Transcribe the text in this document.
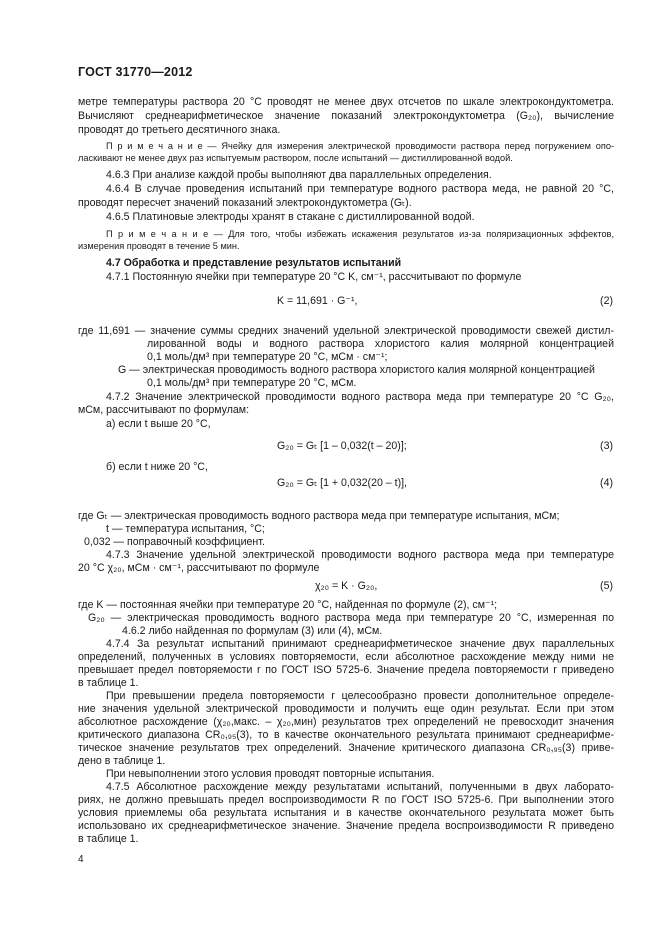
ГОСТ 31770—2012
метре температуры раствора 20 °С проводят не менее двух отсчетов по шкале электрокондуктометра.
Вычисляют среднеарифметическое значение показаний электрокондуктометра (G₂₀), вычисление
проводят до третьего десятичного знака.
П р и м е ч а н и е — Ячейку для измерения электрической проводимости раствора перед погружением опо-
ласкивают не менее двух раз испытуемым раствором, после испытаний — дистиллированной водой.
4.6.3 При анализе каждой пробы выполняют два параллельных определения.
4.6.4 В случае проведения испытаний при температуре водного раствора меда, не равной 20 °С,
проводят пересчет значений показаний электрокондуктометра (Gₜ).
4.6.5 Платиновые электроды хранят в стакане с дистиллированной водой.
П р и м е ч а н и е — Для того, чтобы избежать искажения результатов из-за поляризационных эффектов,
измерения проводят в течение 5 мин.
4.7 Обработка и представление результатов испытаний
4.7.1 Постоянную ячейки при температуре 20 °С K, см⁻¹, рассчитывают по формуле
K = 11,691 · G⁻¹,	(2)
где 11,691 — значение суммы средних значений удельной электрической проводимости свежей дистил-
лированной воды и водного раствора хлористого калия молярной концентрацией
0,1 моль/дм³ при температуре 20 °С, мСм · см⁻¹;
G — электрическая проводимость водного раствора хлористого калия молярной концентрацией
0,1 моль/дм³ при температуре 20 °С, мСм.
4.7.2 Значение электрической проводимости водного раствора меда при температуре 20 °С G₂₀,
мСм, рассчитывают по формулам:
а) если t выше 20 °С,
G₂₀ = Gₜ [1 – 0,032(t – 20)];	(3)
б) если t ниже 20 °С,
G₂₀ = Gₜ [1 + 0,032(20 – t)],	(4)
где Gₜ — электрическая проводимость водного раствора меда при температуре испытания, мСм;
t — температура испытания, °С;
0,032 — поправочный коэффициент.
4.7.3 Значение удельной электрической проводимости водного раствора меда при температуре
20 °С χ₂₀, мСм · см⁻¹, рассчитывают по формуле
χ₂₀ = K · G₂₀,	(5)
где K — постоянная ячейки при температуре 20 °С, найденная по формуле (2), см⁻¹;
G₂₀ — электрическая проводимость водного раствора меда при температуре 20 °С, измеренная по
4.6.2 либо найденная по формулам (3) или (4), мСм.
4.7.4 За результат испытаний принимают среднеарифметическое значение двух параллельных
определений, полученных в условиях повторяемости, если абсолютное расхождение между ними не
превышает предел повторяемости r по ГОСТ ISO 5725-6. Значение предела повторяемости r приведено
в таблице 1.
При превышении предела повторяемости r целесообразно провести дополнительное определе-
ние значения удельной электрической проводимости и получить еще один результат. Если при этом
абсолютное расхождение (χ₂₀,макс. – χ₂₀,мин) результатов трех определений не превосходит значения
критического диапазона CR₀,₉₅(3), то в качестве окончательного результата принимают среднеарифме-
тическое значение результатов трех определений. Значение критического диапазона CR₀,₉₅(3) приве-
дено в таблице 1.
При невыполнении этого условия проводят повторные испытания.
4.7.5 Абсолютное расхождение между результатами испытаний, полученными в двух лаборато-
риях, не должно превышать предел воспроизводимости R по ГОСТ ISO 5725-6. При выполнении этого
условия приемлемы оба результата испытания и в качестве окончательного результата может быть
использовано их среднеарифметическое значение. Значение предела воспроизводимости R приведено
в таблице 1.
4
